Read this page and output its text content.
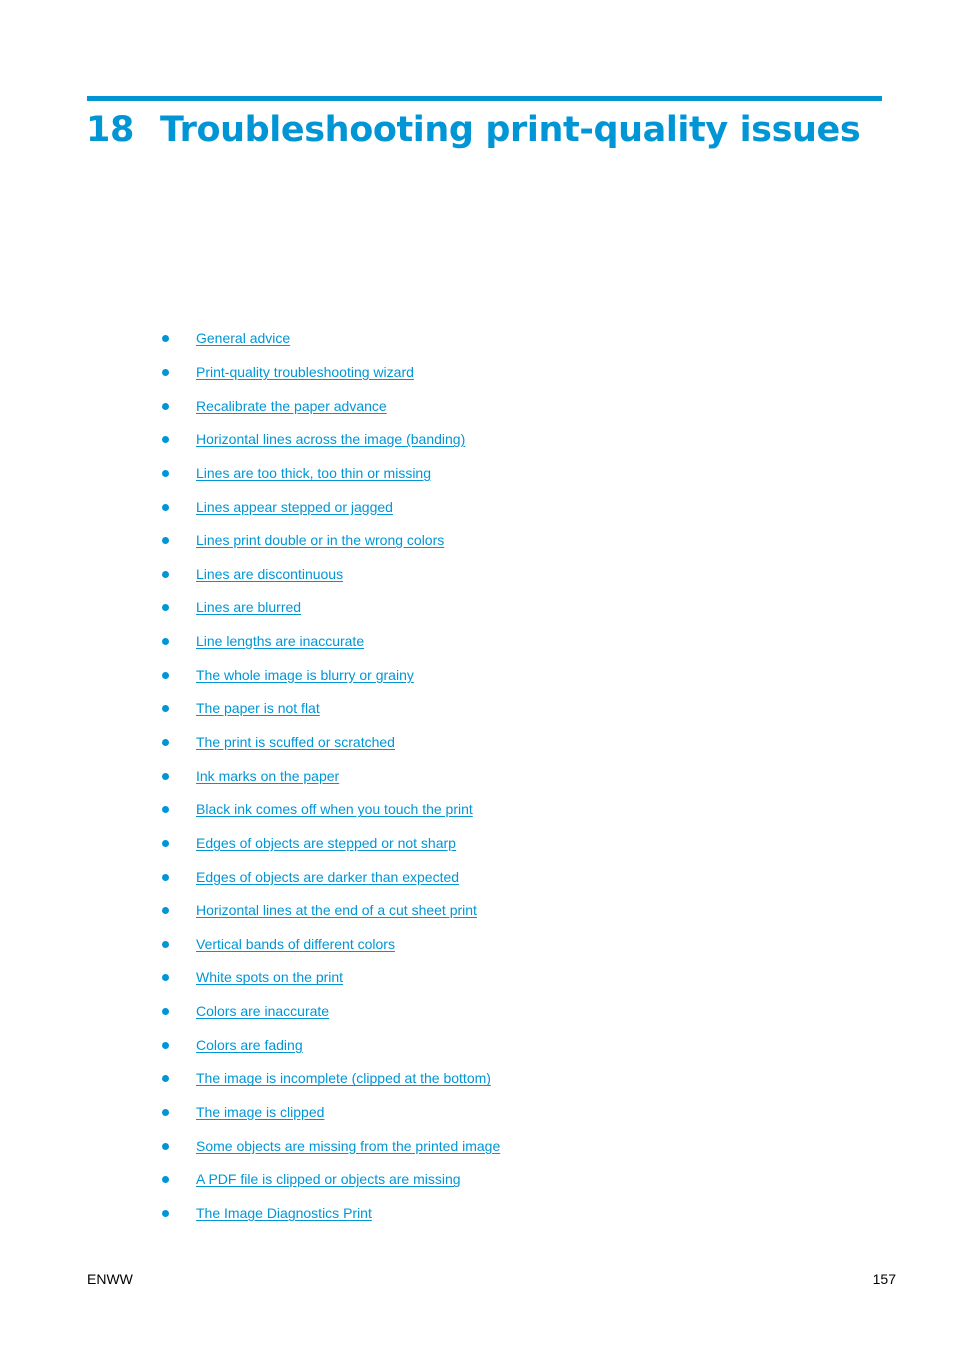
18 Troubleshooting print-quality issues
General advice
Print-quality troubleshooting wizard
Recalibrate the paper advance
Horizontal lines across the image (banding)
Lines are too thick, too thin or missing
Lines appear stepped or jagged
Lines print double or in the wrong colors
Lines are discontinuous
Lines are blurred
Line lengths are inaccurate
The whole image is blurry or grainy
The paper is not flat
The print is scuffed or scratched
Ink marks on the paper
Black ink comes off when you touch the print
Edges of objects are stepped or not sharp
Edges of objects are darker than expected
Horizontal lines at the end of a cut sheet print
Vertical bands of different colors
White spots on the print
Colors are inaccurate
Colors are fading
The image is incomplete (clipped at the bottom)
The image is clipped
Some objects are missing from the printed image
A PDF file is clipped or objects are missing
The Image Diagnostics Print
ENWW	157
